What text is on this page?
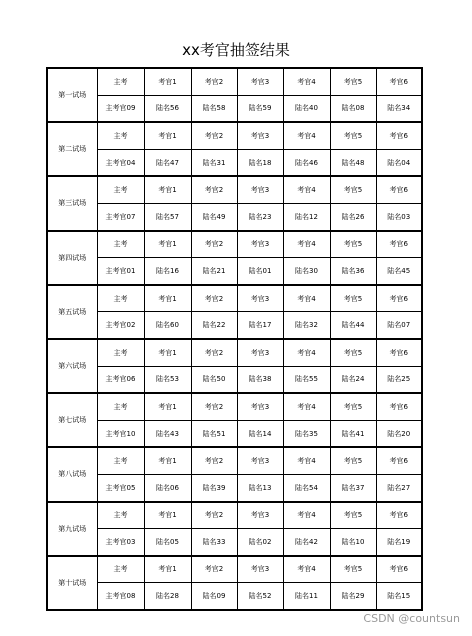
xx考官抽签结果
第一试场	主考	考官1	考官2	考官3	考官4	考官5	考官6
	主考官09	陆名56	陆名58	陆名59	陆名40	陆名08	陆名34
第二试场	主考	考官1	考官2	考官3	考官4	考官5	考官6
	主考官04	陆名47	陆名31	陆名18	陆名46	陆名48	陆名04
第三试场	主考	考官1	考官2	考官3	考官4	考官5	考官6
	主考官07	陆名57	陆名49	陆名23	陆名12	陆名26	陆名03
第四试场	主考	考官1	考官2	考官3	考官4	考官5	考官6
	主考官01	陆名16	陆名21	陆名01	陆名30	陆名36	陆名45
第五试场	主考	考官1	考官2	考官3	考官4	考官5	考官6
	主考官02	陆名60	陆名22	陆名17	陆名32	陆名44	陆名07
第六试场	主考	考官1	考官2	考官3	考官4	考官5	考官6
	主考官06	陆名53	陆名50	陆名38	陆名55	陆名24	陆名25
第七试场	主考	考官1	考官2	考官3	考官4	考官5	考官6
	主考官10	陆名43	陆名51	陆名14	陆名35	陆名41	陆名20
第八试场	主考	考官1	考官2	考官3	考官4	考官5	考官6
	主考官05	陆名06	陆名39	陆名13	陆名54	陆名37	陆名27
第九试场	主考	考官1	考官2	考官3	考官4	考官5	考官6
	主考官03	陆名05	陆名33	陆名02	陆名42	陆名10	陆名19
第十试场	主考	考官1	考官2	考官3	考官4	考官5	考官6
	主考官08	陆名28	陆名09	陆名52	陆名11	陆名29	陆名15
CSDN @countsun
